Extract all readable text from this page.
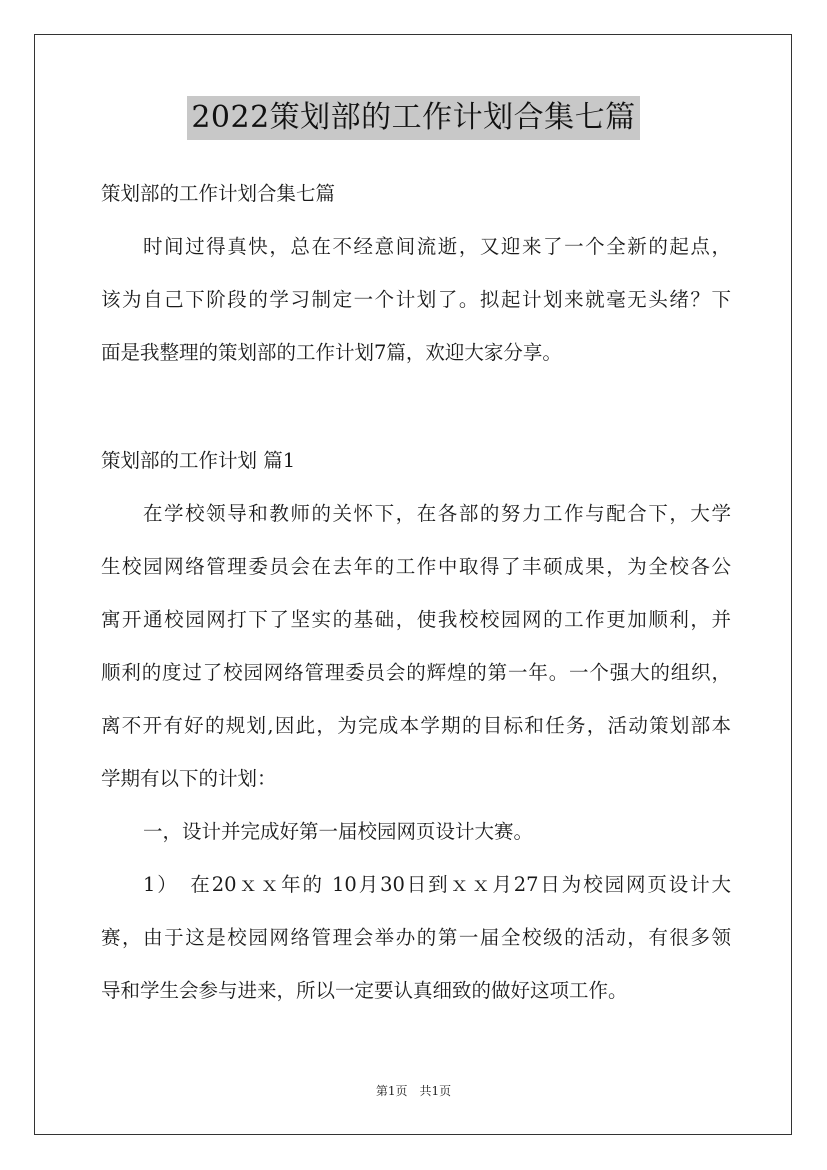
2022策划部的工作计划合集七篇
策划部的工作计划合集七篇
时间过得真快，总在不经意间流逝，又迎来了一个全新的起点，
该为自己下阶段的学习制定一个计划了。拟起计划来就毫无头绪？下
面是我整理的策划部的工作计划7篇，欢迎大家分享。
策划部的工作计划 篇1
在学校领导和教师的关怀下，在各部的努力工作与配合下，大学
生校园网络管理委员会在去年的工作中取得了丰硕成果，为全校各公
寓开通校园网打下了坚实的基础，使我校校园网的工作更加顺利，并
顺利的度过了校园网络管理委员会的辉煌的第一年。一个强大的组织，
离不开有好的规划,因此，为完成本学期的目标和任务，活动策划部本
学期有以下的计划：
一，设计并完成好第一届校园网页设计大赛。
1）　在20ｘｘ年的 10月30日到ｘｘ月27日为校园网页设计大
赛，由于这是校园网络管理会举办的第一届全校级的活动，有很多领
导和学生会参与进来，所以一定要认真细致的做好这项工作。
第1页　共1页
